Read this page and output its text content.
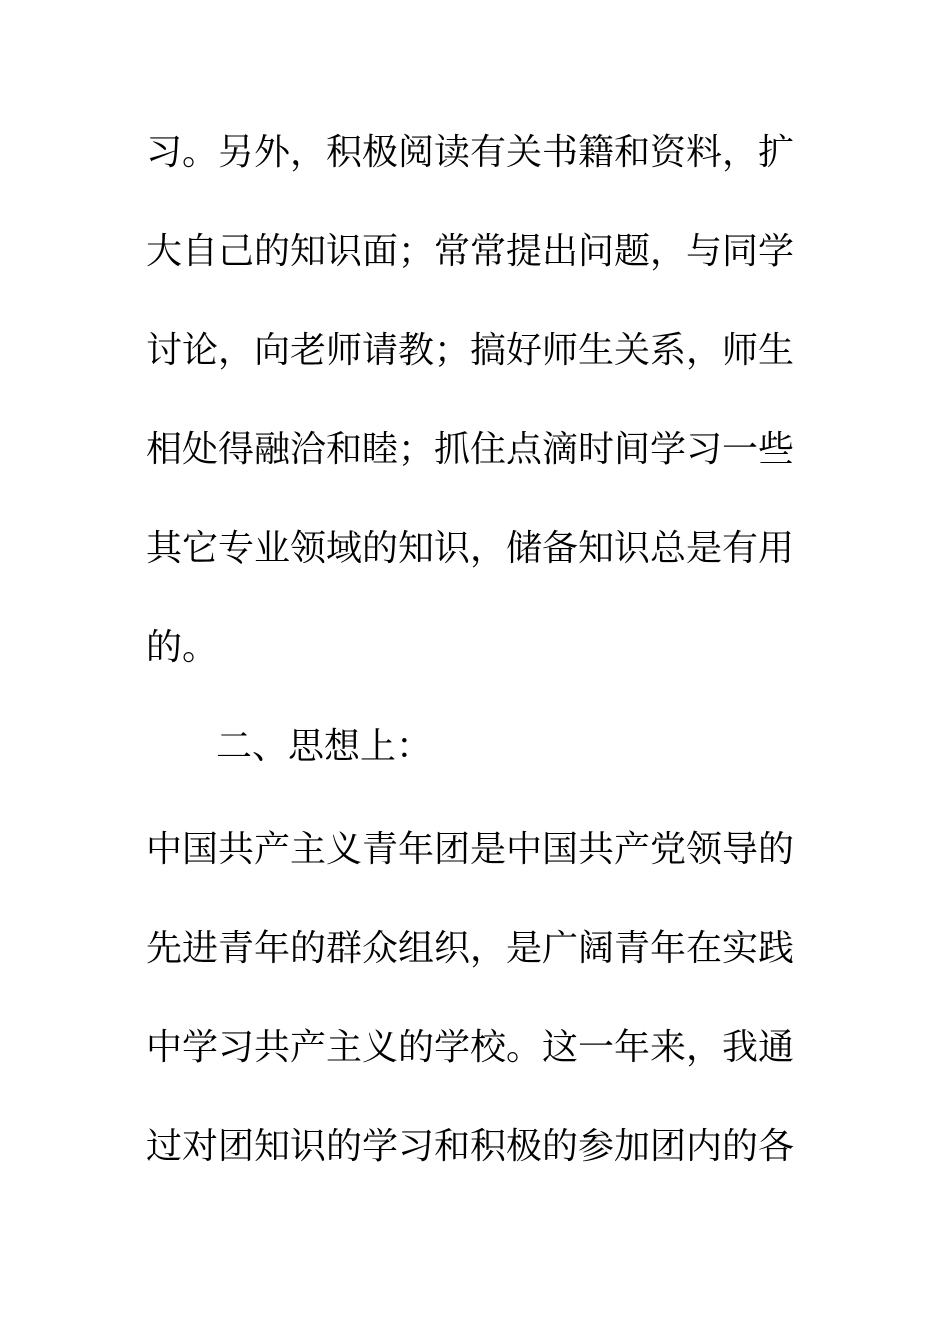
习。另外，积极阅读有关书籍和资料，扩
大自己的知识面；常常提出问题，与同学
讨论，向老师请教；搞好师生关系，师生
相处得融洽和睦；抓住点滴时间学习一些
其它专业领域的知识，储备知识总是有用
的。
二、思想上：
中国共产主义青年团是中国共产党领导的
先进青年的群众组织，是广阔青年在实践
中学习共产主义的学校。这一年来，我通
过对团知识的学习和积极的参加团内的各
